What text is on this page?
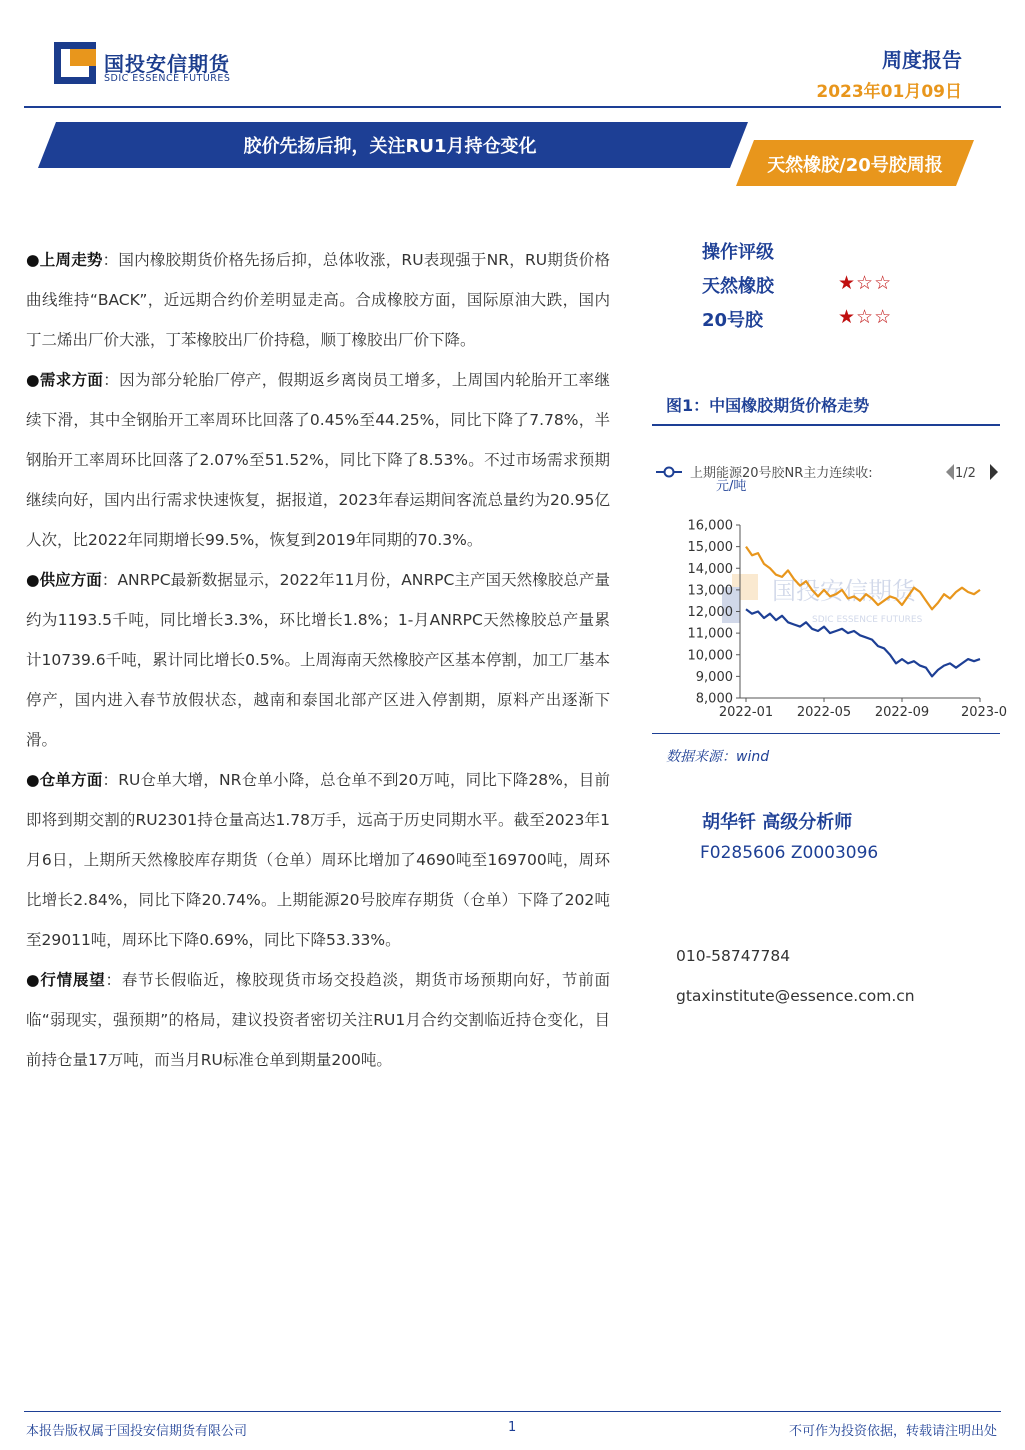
国投安信期货
SDIC ESSENCE FUTURES
周度报告
2023年01月09日
胶价先扬后抑，关注RU1月持仓变化
天然橡胶/20号胶周报

●上周走势：国内橡胶期货价格先扬后抑，总体收涨，RU表现强于NR，RU期货价格曲线维持“BACK”，近远期合约价差明显走高。合成橡胶方面，国际原油大跌，国内丁二烯出厂价大涨，丁苯橡胶出厂价持稳，顺丁橡胶出厂价下降。

●需求方面：因为部分轮胎厂停产，假期返乡离岗员工增多，上周国内轮胎开工率继续下滑，其中全钢胎开工率周环比回落了0.45%至44.25%，同比下降了7.78%，半钢胎开工率周环比回落了2.07%至51.52%，同比下降了8.53%。不过市场需求预期继续向好，国内出行需求快速恢复，据报道，2023年春运期间客流总量约为20.95亿人次，比2022年同期增长99.5%，恢复到2019年同期的70.3%。

●供应方面：ANRPC最新数据显示，2022年11月份，ANRPC主产国天然橡胶总产量约为1193.5千吨，同比增长3.3%，环比增长1.8%；1-月ANRPC天然橡胶总产量累计10739.6千吨，累计同比增长0.5%。上周海南天然橡胶产区基本停割，加工厂基本停产，国内进入春节放假状态，越南和泰国北部产区进入停割期，原料产出逐渐下滑。

●仓单方面：RU仓单大增，NR仓单小降，总仓单不到20万吨，同比下降28%，目前即将到期交割的RU2301持仓量高达1.78万手，远高于历史同期水平。截至2023年1月6日，上期所天然橡胶库存期货（仓单）周环比增加了4690吨至169700吨，周环比增长2.84%，同比下降20.74%。上期能源20号胶库存期货（仓单）下降了202吨至29011吨，周环比下降0.69%，同比下降53.33%。

●行情展望：春节长假临近，橡胶现货市场交投趋淡，期货市场预期向好，节前面临“弱现实，强预期”的格局，建议投资者密切关注RU1月合约交割临近持仓变化，目前持仓量17万吨，而当月RU标准仓单到期量200吨。

操作评级
天然橡胶	★☆☆
20号胶	★☆☆
图1：中国橡胶期货价格走势
上期能源20号胶NR主力连续收:	1/2
元/吨
国投安信期货
SDIC ESSENCE FUTURES
16,000
15,000
14,000
13,000
12,000
11,000
10,000
9,000
8,000
2022-01 2022-05 2022-09 2023-0
数据来源：wind
胡华钎 高级分析师
F0285606 Z0003096
010-58747784
gtaxinstitute@essence.com.cn
本报告版权属于国投安信期货有限公司	1	不可作为投资依据，转载请注明出处
